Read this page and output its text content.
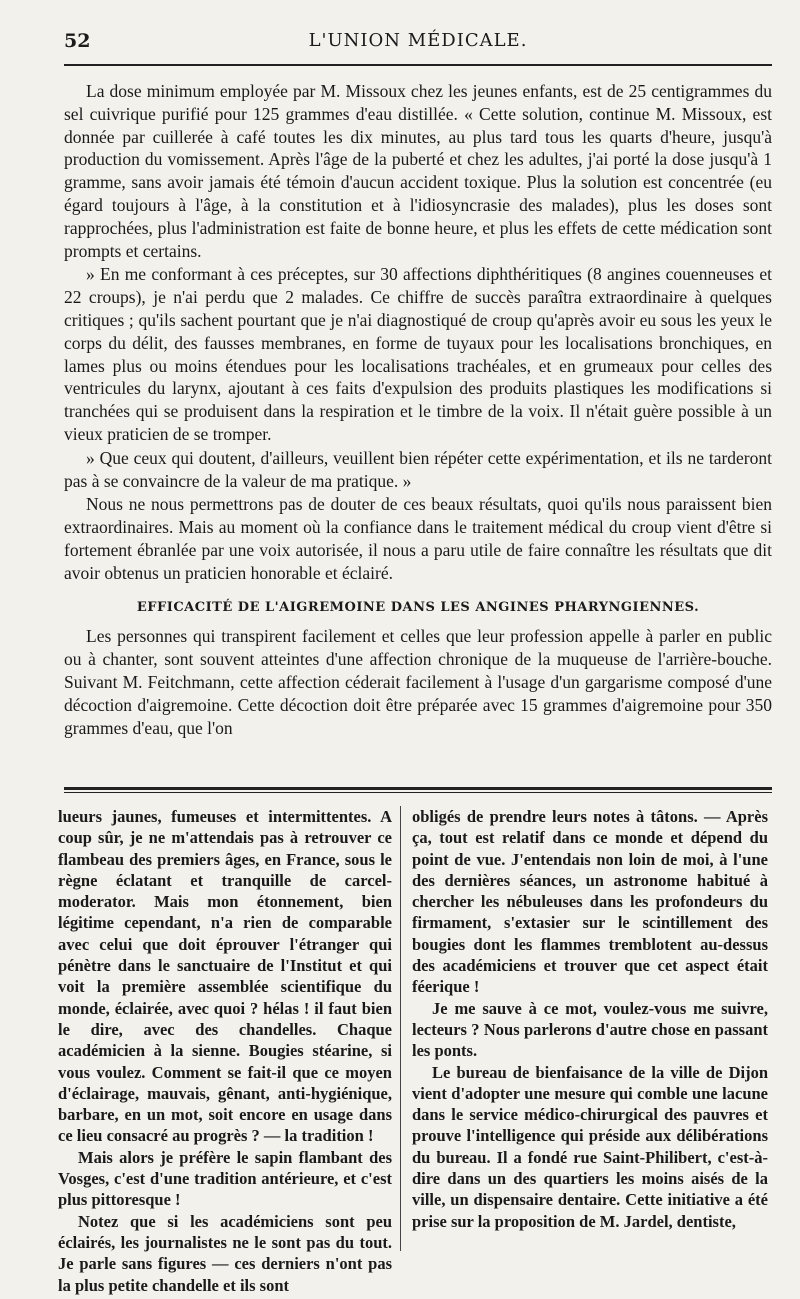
52	L'UNION MÉDICALE.

La dose minimum employée par M. Missoux chez les jeunes enfants, est de 25 centigrammes du sel cuivrique purifié pour 125 grammes d'eau distillée. « Cette solution, continue M. Missoux, est donnée par cuillerée à café toutes les dix minutes, au plus tard tous les quarts d'heure, jusqu'à production du vomissement. Après l'âge de la puberté et chez les adultes, j'ai porté la dose jusqu'à 1 gramme, sans avoir jamais été témoin d'aucun accident toxique. Plus la solution est concentrée (eu égard toujours à l'âge, à la constitution et à l'idiosyncrasie des malades), plus les doses sont rapprochées, plus l'administration est faite de bonne heure, et plus les effets de cette médication sont prompts et certains.

» En me conformant à ces préceptes, sur 30 affections diphthéritiques (8 angines couenneuses et 22 croups), je n'ai perdu que 2 malades. Ce chiffre de succès paraîtra extraordinaire à quelques critiques ; qu'ils sachent pourtant que je n'ai diagnostiqué de croup qu'après avoir eu sous les yeux le corps du délit, des fausses membranes, en forme de tuyaux pour les localisations bronchiques, en lames plus ou moins étendues pour les localisations trachéales, et en grumeaux pour celles des ventricules du larynx, ajoutant à ces faits d'expulsion des produits plastiques les modifications si tranchées qui se produisent dans la respiration et le timbre de la voix. Il n'était guère possible à un vieux praticien de se tromper.

» Que ceux qui doutent, d'ailleurs, veuillent bien répéter cette expérimentation, et ils ne tarderont pas à se convaincre de la valeur de ma pratique. »

Nous ne nous permettrons pas de douter de ces beaux résultats, quoi qu'ils nous paraissent bien extraordinaires. Mais au moment où la confiance dans le traitement médical du croup vient d'être si fortement ébranlée par une voix autorisée, il nous a paru utile de faire connaître les résultats que dit avoir obtenus un praticien honorable et éclairé.

EFFICACITÉ DE L'AIGREMOINE DANS LES ANGINES PHARYNGIENNES.

Les personnes qui transpirent facilement et celles que leur profession appelle à parler en public ou à chanter, sont souvent atteintes d'une affection chronique de la muqueuse de l'arrière-bouche. Suivant M. Feitchmann, cette affection céderait facilement à l'usage d'un gargarisme composé d'une décoction d'aigremoine. Cette décoction doit être préparée avec 15 grammes d'aigremoine pour 350 grammes d'eau, que l'on

lueurs jaunes, fumeuses et intermittentes. A coup sûr, je ne m'attendais pas à retrouver ce flambeau des premiers âges, en France, sous le règne éclatant et tranquille de carcel-moderator. Mais mon étonnement, bien légitime cependant, n'a rien de comparable avec celui que doit éprouver l'étranger qui pénètre dans le sanctuaire de l'Institut et qui voit la première assemblée scientifique du monde, éclairée, avec quoi ? hélas ! il faut bien le dire, avec des chandelles. Chaque académicien à la sienne. Bougies stéarine, si vous voulez. Comment se fait-il que ce moyen d'éclairage, mauvais, gênant, anti-hygiénique, barbare, en un mot, soit encore en usage dans ce lieu consacré au progrès ? — la tradition !

Mais alors je préfère le sapin flambant des Vosges, c'est d'une tradition antérieure, et c'est plus pittoresque !

Notez que si les académiciens sont peu éclairés, les journalistes ne le sont pas du tout. Je parle sans figures — ces derniers n'ont pas la plus petite chandelle et ils sont

obligés de prendre leurs notes à tâtons. — Après ça, tout est relatif dans ce monde et dépend du point de vue. J'entendais non loin de moi, à l'une des dernières séances, un astronome habitué à chercher les nébuleuses dans les profondeurs du firmament, s'extasier sur le scintillement des bougies dont les flammes tremblotent au-dessus des académiciens et trouver que cet aspect était féerique !

Je me sauve à ce mot, voulez-vous me suivre, lecteurs ? Nous parlerons d'autre chose en passant les ponts.

Le bureau de bienfaisance de la ville de Dijon vient d'adopter une mesure qui comble une lacune dans le service médico-chirurgical des pauvres et prouve l'intelligence qui préside aux délibérations du bureau. Il a fondé rue Saint-Philibert, c'est-à-dire dans un des quartiers les moins aisés de la ville, un dispensaire dentaire. Cette initiative a été prise sur la proposition de M. Jardel, dentiste,
